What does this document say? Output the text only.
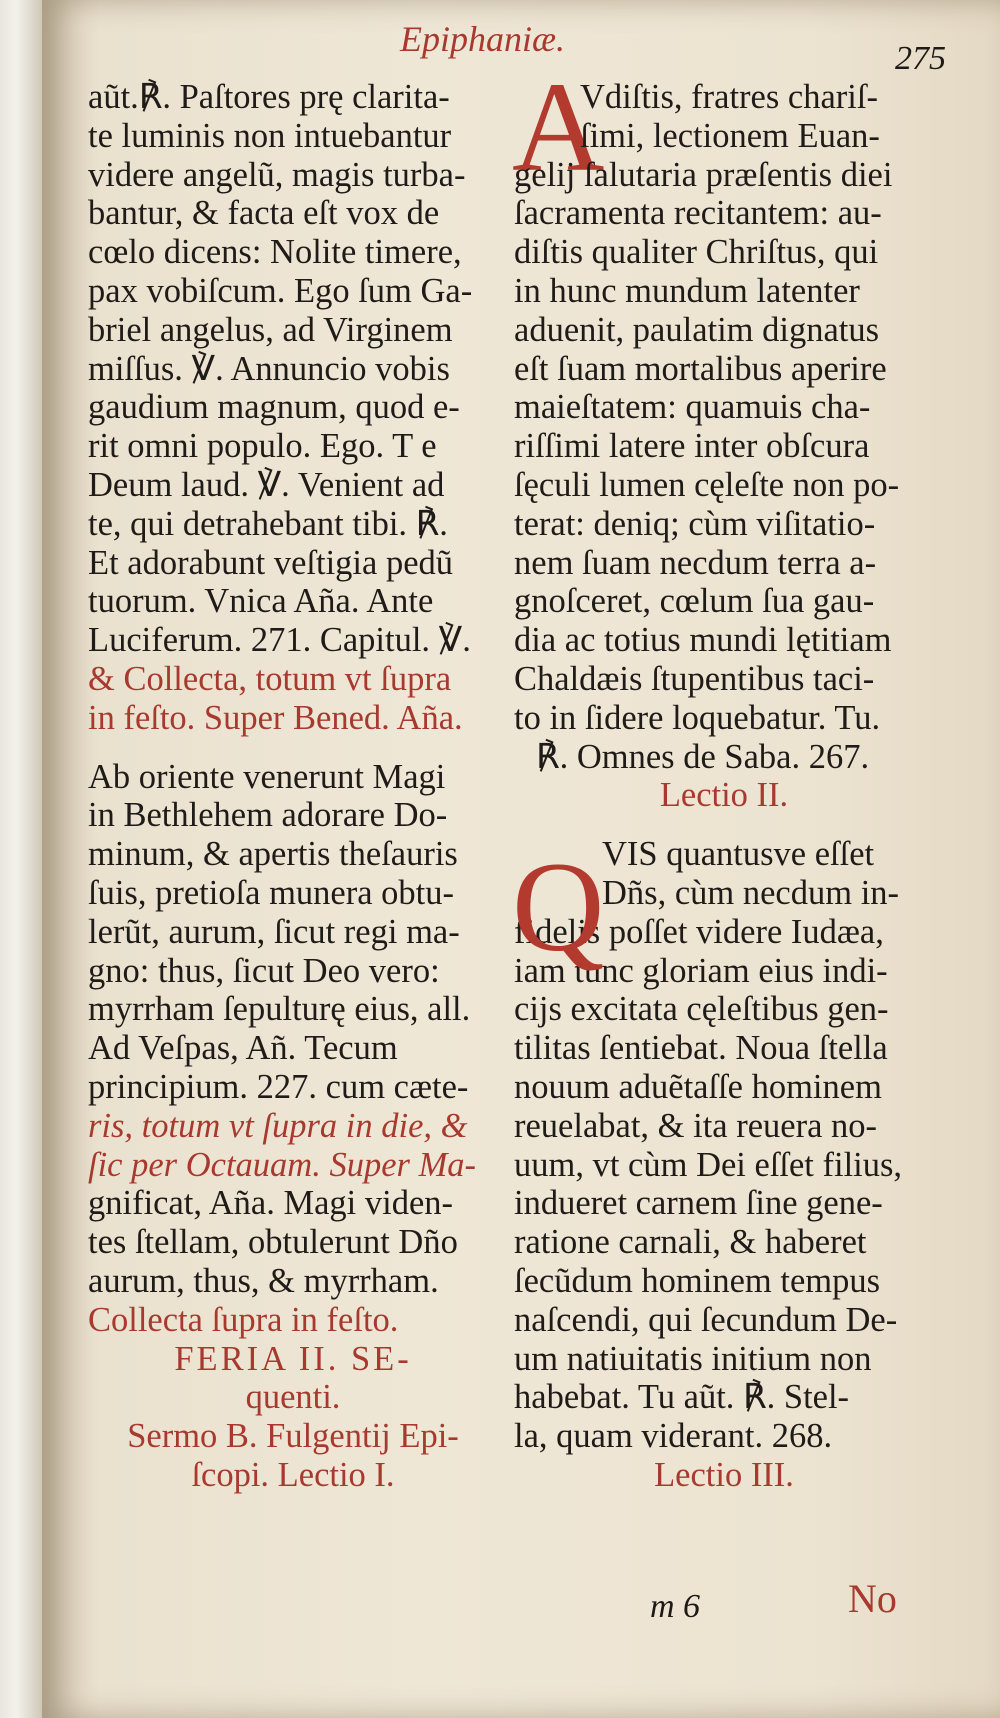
Epiphaniæ.	275
aũt.℟. Paſtores prę clarita-
te luminis non intuebantur
videre angelũ, magis turba-
bantur, & facta eſt vox de
cœlo dicens: Nolite timere,
pax vobiſcum. Ego ſum Ga-
briel angelus, ad Virginem
miſſus. ℣. Annuncio vobis
gaudium magnum, quod e-
rit omni populo. Ego. T e
Deum laud. ℣. Venient ad
te, qui detrahebant tibi. ℟.
Et adorabunt veſtigia pedũ
tuorum. Vnica Aña. Ante
Luciferum. 271. Capitul. ℣.
& Collecta, totum vt ſupra
in feſto. Super Bened. Aña.
Ab oriente venerunt Magi
in Bethlehem adorare Do-
minum, & apertis theſauris
ſuis, pretioſa munera obtu-
lerũt, aurum, ſicut regi ma-
gno: thus, ſicut Deo vero:
myrrham ſepulturę eius, all.
Ad Veſpas, Añ. Tecum
principium. 227. cum cæte-
ris, totum vt ſupra in die, &
ſic per Octauam. Super Ma-
gnificat, Aña. Magi viden-
tes ſtellam, obtulerunt Dño
aurum, thus, & myrrham.
Collecta ſupra in feſto.
FERIA II. SE-
quenti.
Sermo B. Fulgentij Epi-
ſcopi. Lectio I.
A
Vdiſtis, fratres chariſ-
ſimi, lectionem Euan-
gelij ſalutaria præſentis diei
ſacramenta recitantem: au-
diſtis qualiter Chriſtus, qui
in hunc mundum latenter
aduenit, paulatim dignatus
eſt ſuam mortalibus aperire
maieſtatem: quamuis cha-
riſſimi latere inter obſcura
ſęculi lumen cęleſte non po-
terat: deniq; cùm viſitatio-
nem ſuam necdum terra a-
gnoſceret, cœlum ſua gau-
dia ac totius mundi lętitiam
Chaldæis ſtupentibus taci-
to in ſidere loquebatur. Tu.
℟. Omnes de Saba. 267.
Lectio II.
VIS quantusve eſſet
Dñs, cùm necdum in-
fidelis poſſet videre Iudæa,
iam tunc gloriam eius indi-
cijs excitata cęleſtibus gen-
tilitas ſentiebat. Noua ſtella
nouum aduẽtaſſe hominem
reuelabat, & ita reuera no-
uum, vt cùm Dei eſſet filius,
indueret carnem ſine gene-
ratione carnali, & haberet
ſecũdum hominem tempus
naſcendi, qui ſecundum De-
um natiuitatis initium non
habebat. Tu aũt. ℟. Stel-
la, quam viderant. 268.
Lectio III.
Q
m 6	No
